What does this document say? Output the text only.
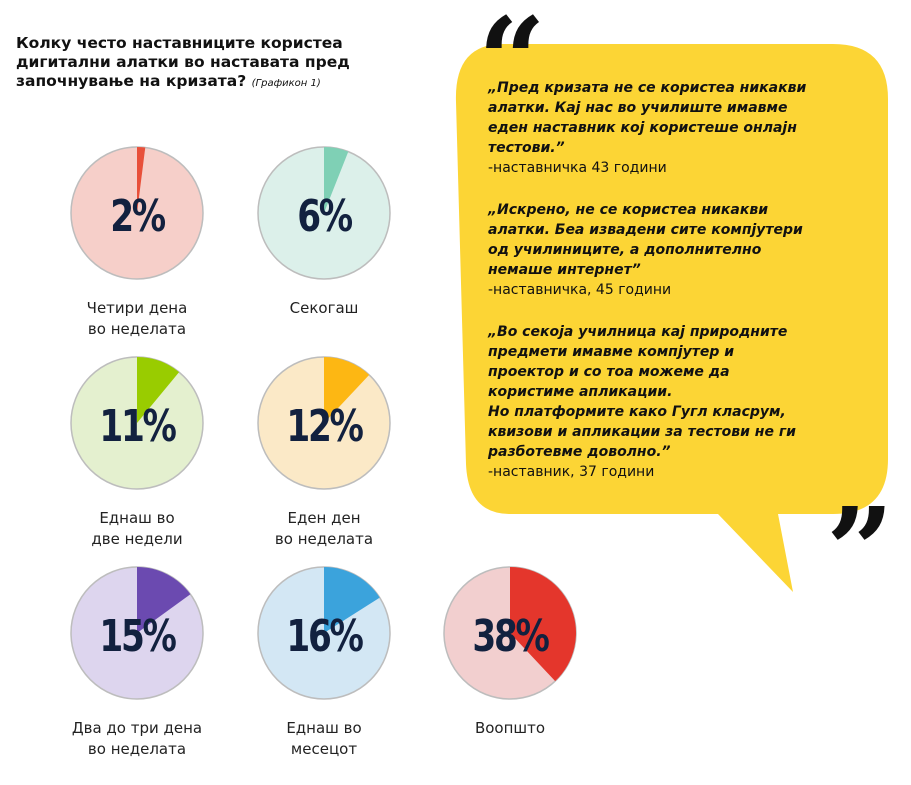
Колку често наставниците користеа дигитални алатки во наставата пред започнување на кризата? (Графикон 1)
2%
Четири дена
во неделата
6%
Секогаш
11%
Еднаш во
две недели
12%
Еден ден
во неделата
15%
Два до три дена
во неделата
16%
Еднаш во
месецот
38%
Воопшто
“
”
„Пред кризата не се користеа никакви
алатки. Кај нас во училиште имавме
еден наставник кој користеше онлајн
тестови.”
-наставничка 43 години
„Искрено, не се користеа никакви
алатки. Беа извадени сите компјутери
од училиниците, а дополнително
немаше интернет”
-наставничка, 45 години
„Во секоја училница кај природните
предмети имавме компјутер и
проектор и со тоа можеме да
користиме апликации.
Но платформите како Гугл класрум,
квизови и апликации за тестови не ги
разботевме доволно.”
-наставник, 37 години
